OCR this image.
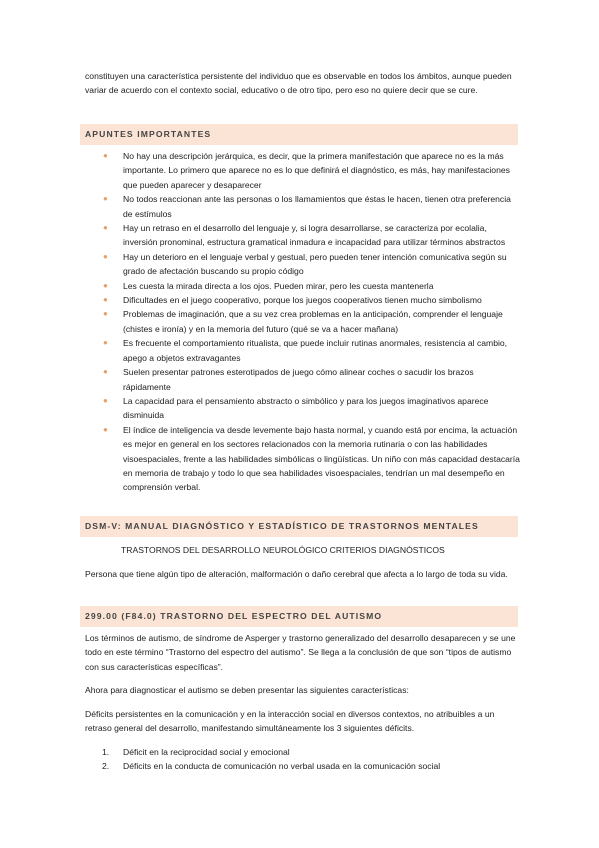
constituyen una característica persistente del individuo que es observable en todos los ámbitos, aunque pueden variar de acuerdo con el contexto social, educativo o de otro tipo, pero eso no quiere decir que se cure.

APUNTES IMPORTANTES
● No hay una descripción jerárquica, es decir, que la primera manifestación que aparece no es la más importante. Lo primero que aparece no es lo que definirá el diagnóstico, es más, hay manifestaciones que pueden aparecer y desaparecer
● No todos reaccionan ante las personas o los llamamientos que éstas le hacen, tienen otra preferencia de estímulos
● Hay un retraso en el desarrollo del lenguaje y, si logra desarrollarse, se caracteriza por ecolalia, inversión pronominal, estructura gramatical inmadura e incapacidad para utilizar términos abstractos
● Hay un deterioro en el lenguaje verbal y gestual, pero pueden tener intención comunicativa según su grado de afectación buscando su propio código
● Les cuesta la mirada directa a los ojos. Pueden mirar, pero les cuesta mantenerla
● Dificultades en el juego cooperativo, porque los juegos cooperativos tienen mucho simbolismo
● Problemas de imaginación, que a su vez crea problemas en la anticipación, comprender el lenguaje (chistes e ironía) y en la memoria del futuro (qué se va a hacer mañana)
● Es frecuente el comportamiento ritualista, que puede incluir rutinas anormales, resistencia al cambio, apego a objetos extravagantes
● Suelen presentar patrones esterotipados de juego cómo alinear coches o sacudir los brazos rápidamente
● La capacidad para el pensamiento abstracto o simbólico y para los juegos imaginativos aparece disminuida
● El índice de inteligencia va desde levemente bajo hasta normal, y cuando está por encima, la actuación es mejor en general en los sectores relacionados con la memoria rutinaria o con las habilidades visoespaciales, frente a las habilidades simbólicas o lingüísticas. Un niño con más capacidad destacaría en memoria de trabajo y todo lo que sea habilidades visoespaciales, tendrían un mal desempeño en comprensión verbal.
DSM-V: MANUAL DIAGNÓSTICO Y ESTADÍSTICO DE TRASTORNOS MENTALES
TRASTORNOS DEL DESARROLLO NEUROLÓGICO CRITERIOS DIAGNÓSTICOS

Persona que tiene algún tipo de alteración, malformación o daño cerebral que afecta a lo largo de toda su vida.

299.00 (F84.0) TRASTORNO DEL ESPECTRO DEL AUTISMO

Los términos de autismo, de síndrome de Asperger y trastorno generalizado del desarrollo desaparecen y se une todo en este término “Trastorno del espectro del autismo”. Se llega a la conclusión de que son “tipos de autismo con sus características específicas”.

Ahora para diagnosticar el autismo se deben presentar las siguientes características:

Déficits persistentes en la comunicación y en la interacción social en diversos contextos, no atribuibles a un retraso general del desarrollo, manifestando simultáneamente los 3 siguientes déficits.

1. Déficit en la reciprocidad social y emocional
2. Déficits en la conducta de comunicación no verbal usada en la comunicación social
